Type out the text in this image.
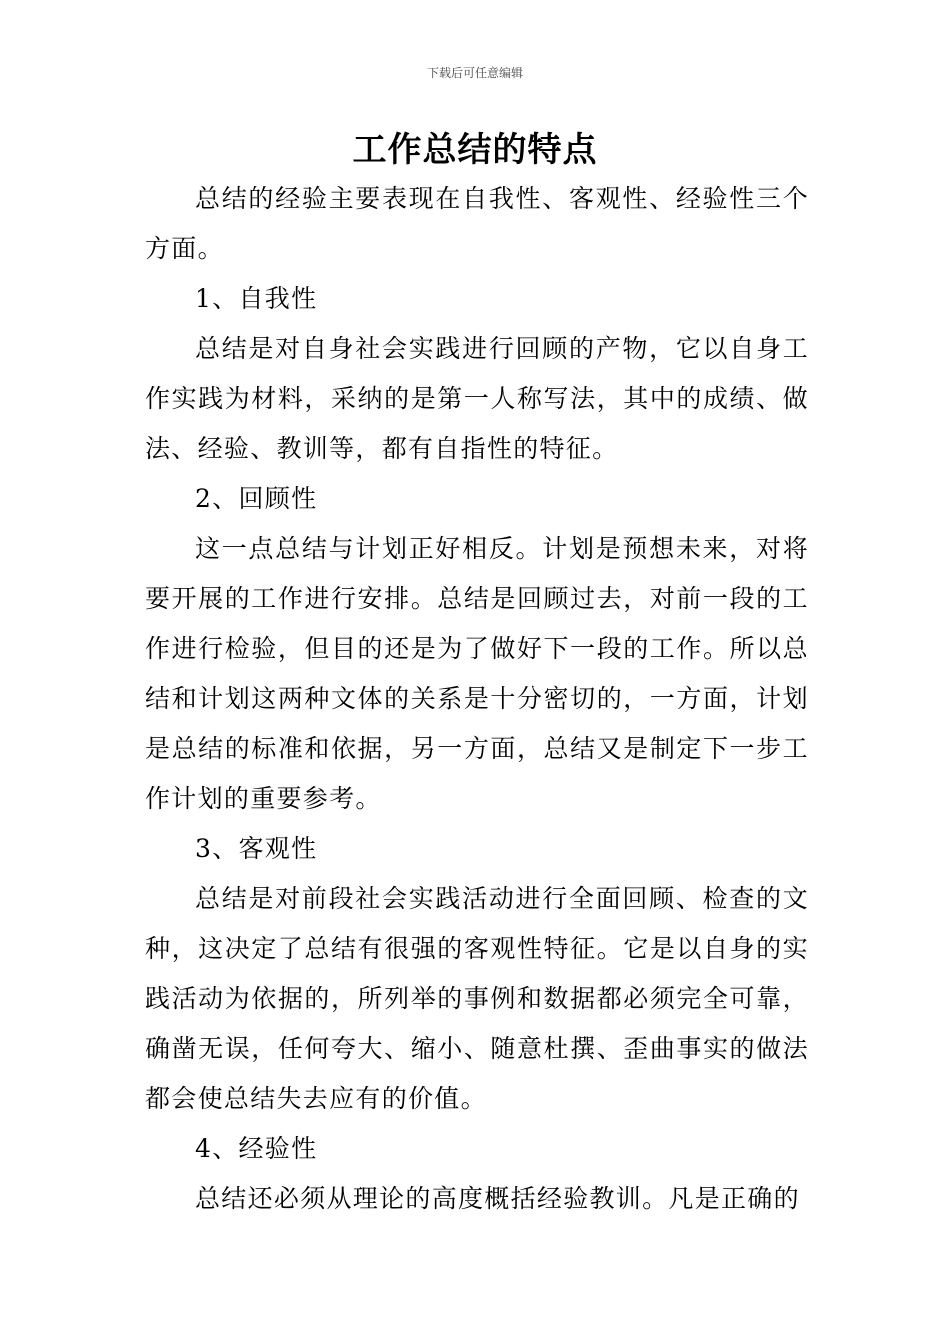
下载后可任意编辑
工作总结的特点

总结的经验主要表现在自我性、客观性、经验性三个方面。

1、自我性

总结是对自身社会实践进行回顾的产物，它以自身工作实践为材料，采纳的是第一人称写法，其中的成绩、做法、经验、教训等，都有自指性的特征。

2、回顾性

这一点总结与计划正好相反。计划是预想未来，对将要开展的工作进行安排。总结是回顾过去，对前一段的工作进行检验，但目的还是为了做好下一段的工作。所以总结和计划这两种文体的关系是十分密切的，一方面，计划是总结的标准和依据，另一方面，总结又是制定下一步工作计划的重要参考。

3、客观性

总结是对前段社会实践活动进行全面回顾、检查的文种，这决定了总结有很强的客观性特征。它是以自身的实践活动为依据的，所列举的事例和数据都必须完全可靠，确凿无误，任何夸大、缩小、随意杜撰、歪曲事实的做法都会使总结失去应有的价值。

4、经验性

总结还必须从理论的高度概括经验教训。凡是正确的
